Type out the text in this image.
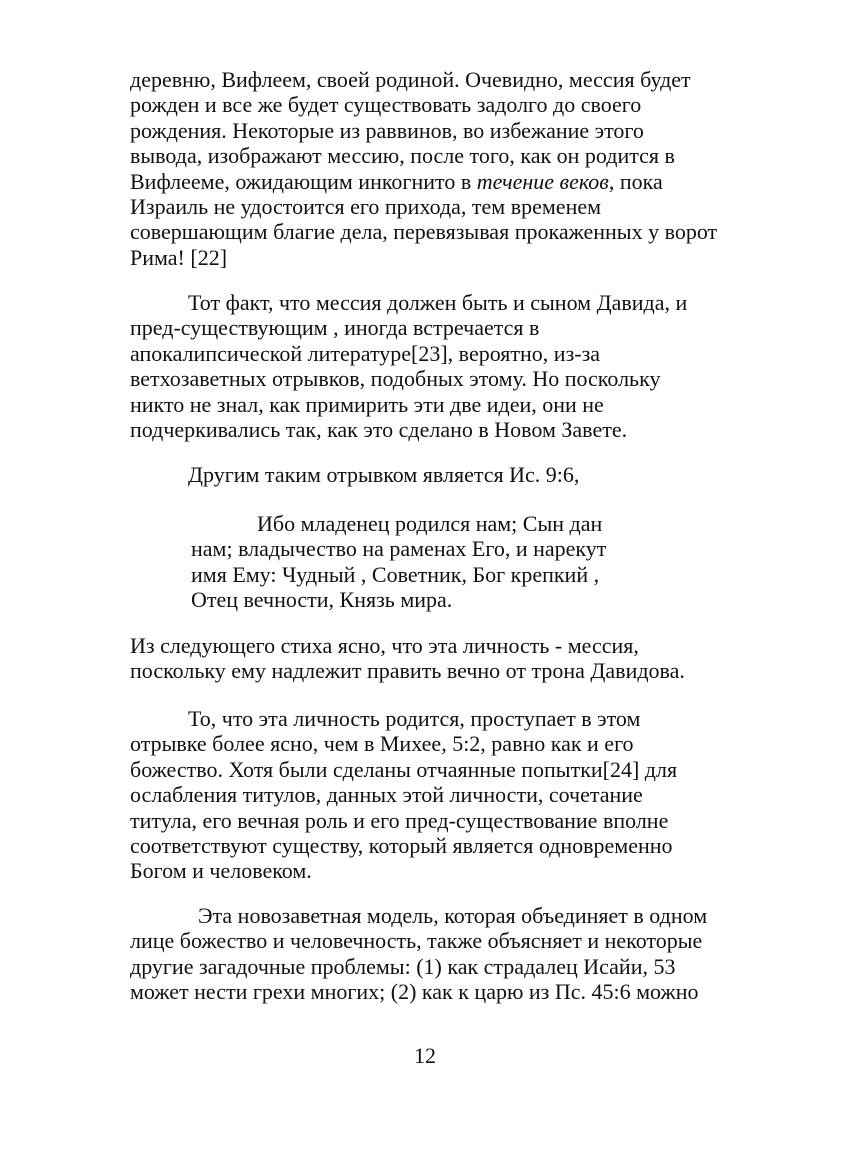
деревню, Вифлеем, своей родиной. Очевидно, мессия будет
рожден и все же будет существовать задолго до своего
рождения. Некоторые из раввинов, во избежание этого
вывода, изображают мессию, после того, как он родится в
Вифлееме, ожидающим инкогнито в течение веков, пока
Израиль не удостоится его прихода, тем временем
совершающим благие дела, перевязывая прокаженных у ворот
Рима! [22]
Тот факт, что мессия должен быть и сыном Давида, и
пред-существующим , иногда встречается в
апокалипсической литературе[23], вероятно, из-за
ветхозаветных отрывков, подобных этому. Но поскольку
никто не знал, как примирить эти две идеи, они не
подчеркивались так, как это сделано в Новом Завете.
Другим таким отрывком является Ис. 9:6,
Ибо младенец родился нам; Сын дан
нам; владычество на раменах Его, и нарекут
имя Ему: Чудный , Советник, Бог крепкий ,
Отец вечности, Князь мира.
Из следующего стиха ясно, что эта личность - мессия,
поскольку ему надлежит править вечно от трона Давидова.
То, что эта личность родится, проступает в этом
отрывке более ясно, чем в Михее, 5:2, равно как и его
божество. Хотя были сделаны отчаянные попытки[24] для
ослабления титулов, данных этой личности, сочетание
титула, его вечная роль и его пред-существование вполне
соответствуют существу, который является одновременно
Богом и человеком.
Эта новозаветная модель, которая объединяет в одном
лице божество и человечность, также объясняет и некоторые
другие загадочные проблемы: (1) как страдалец Исайи, 53
может нести грехи многих; (2) как к царю из Пс. 45:6 можно
12
